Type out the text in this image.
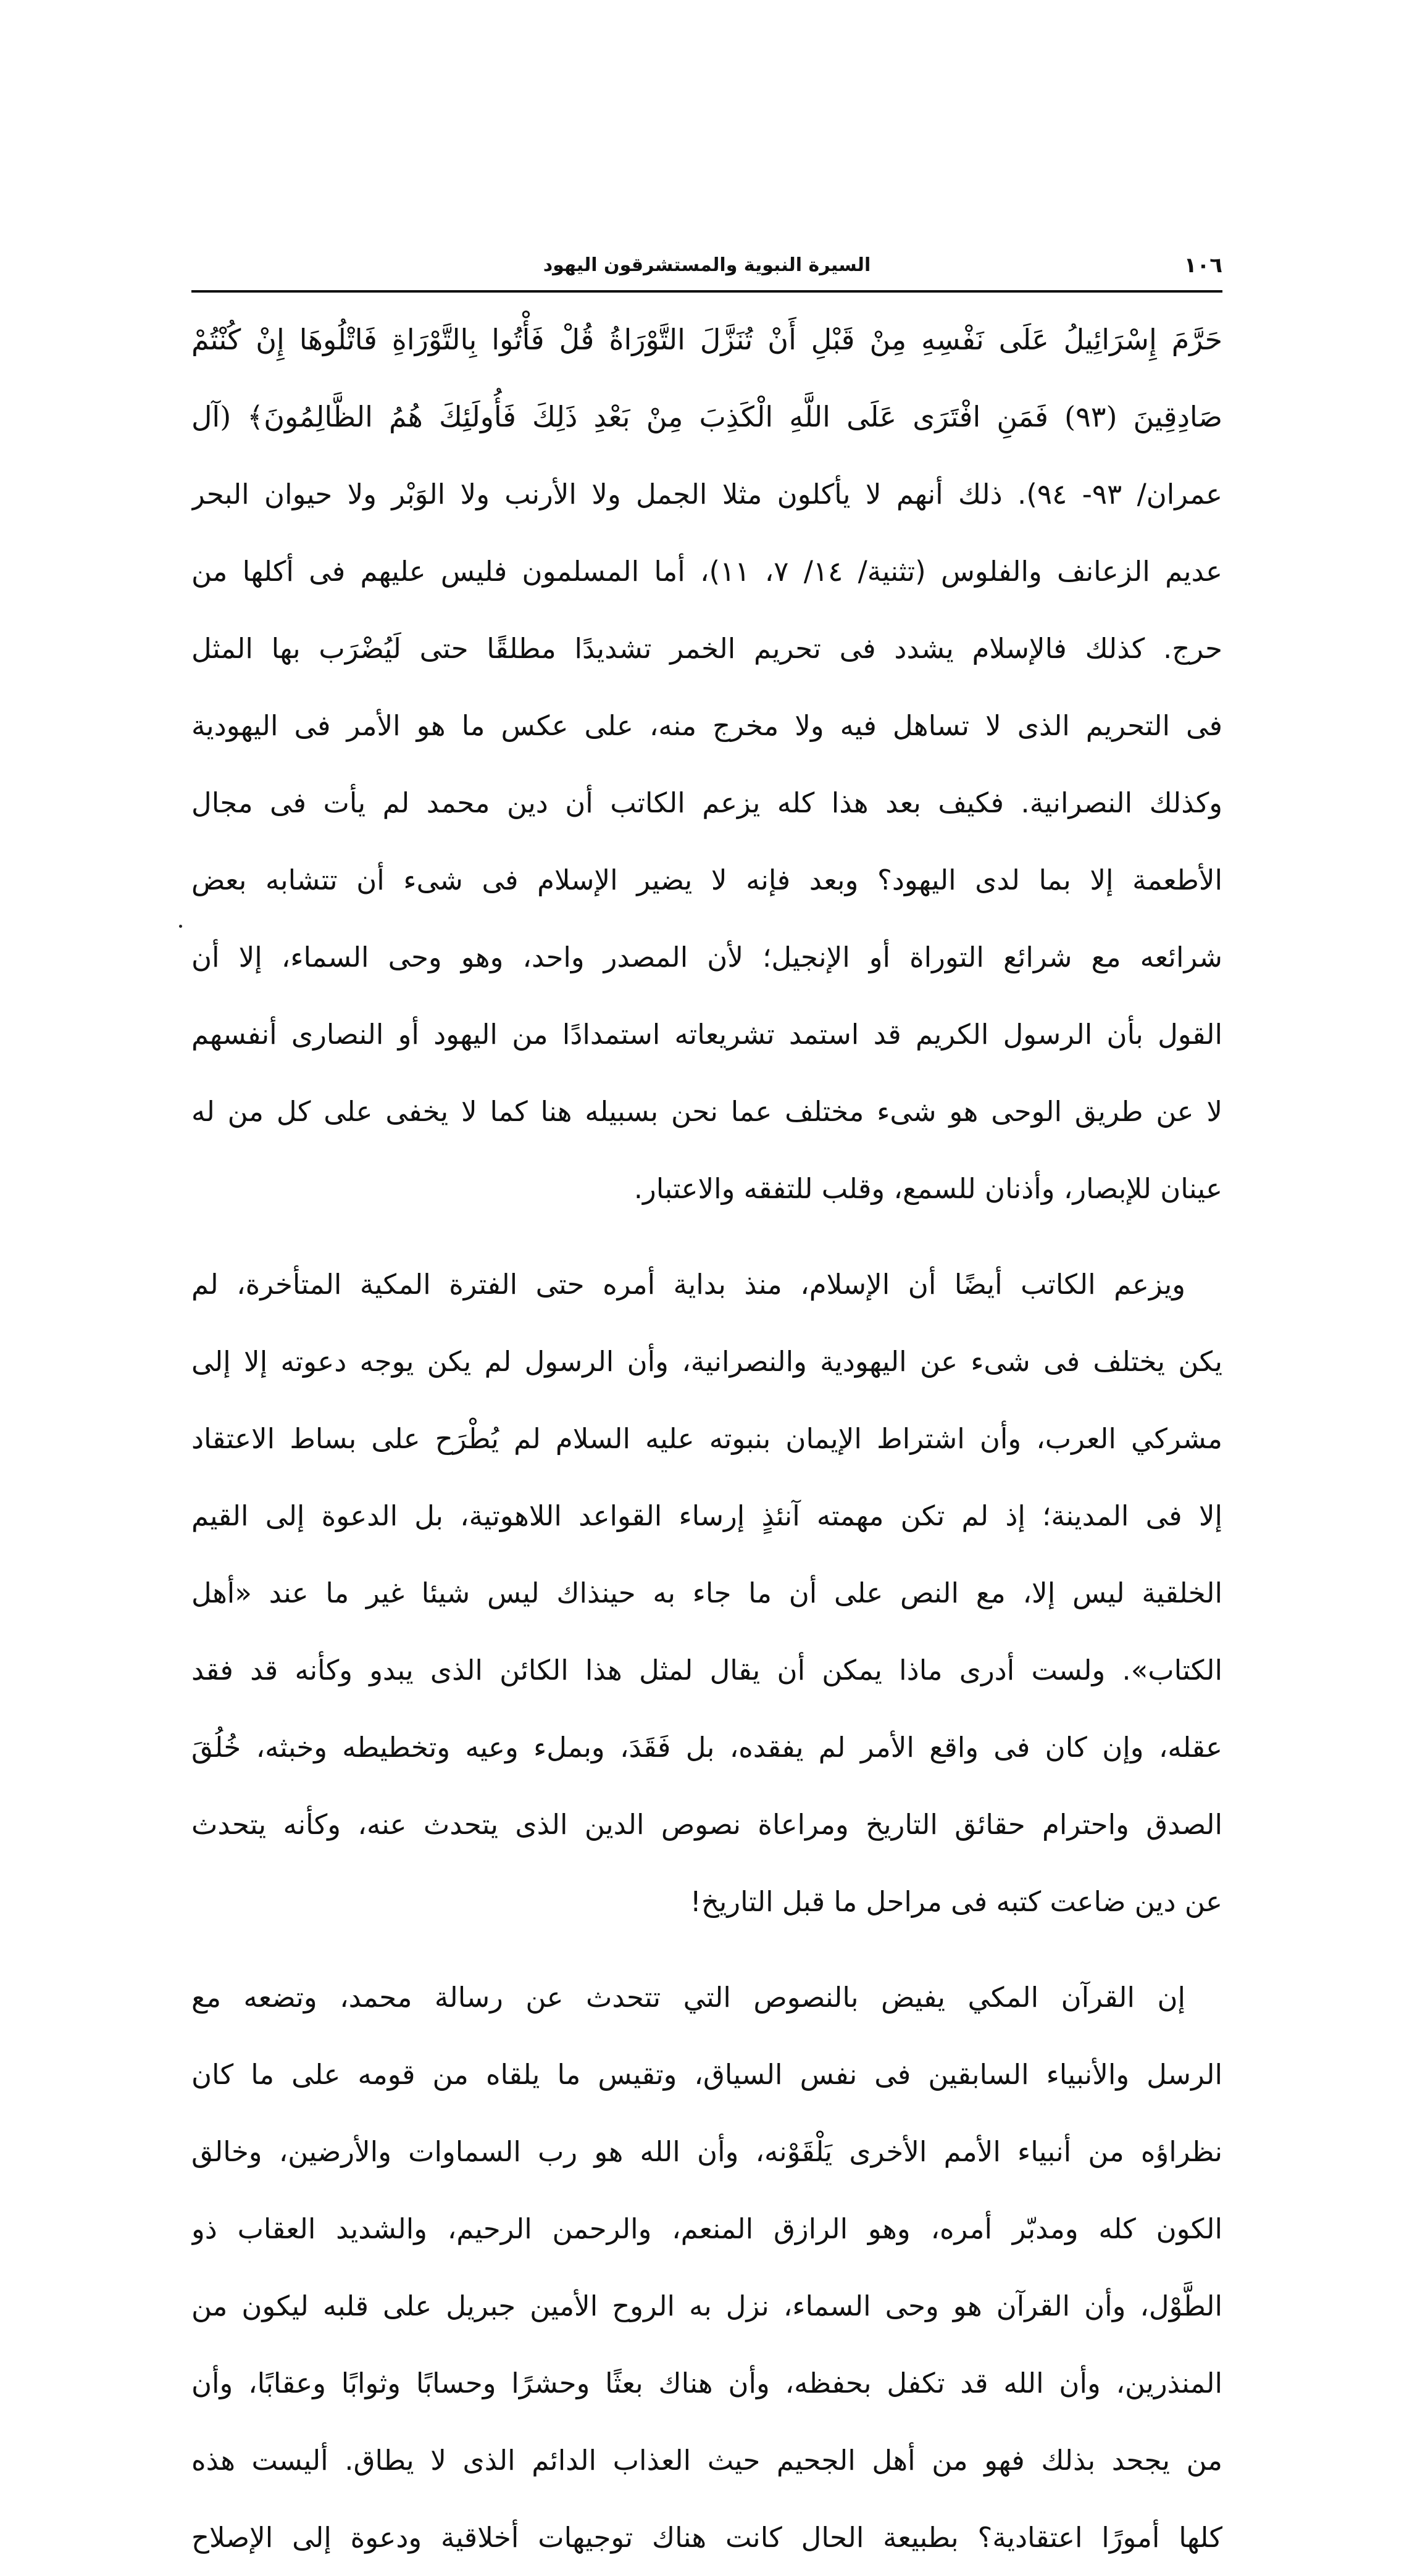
١٠٦
السيرة النبوية والمستشرقون اليهود
حَرَّمَ إِسْرَائِيلُ عَلَى نَفْسِهِ مِنْ قَبْلِ أَنْ تُنَزَّلَ التَّوْرَاةُ قُلْ فَأْتُوا بِالتَّوْرَاةِ فَاتْلُوهَا إِنْ كُنْتُمْ
صَادِقِينَ (٩٣) فَمَنِ افْتَرَى عَلَى اللَّهِ الْكَذِبَ مِنْ بَعْدِ ذَلِكَ فَأُولَئِكَ هُمُ الظَّالِمُونَ﴾ (آل
عمران/ ٩٣- ٩٤). ذلك أنهم لا يأكلون مثلا الجمل ولا الأرنب ولا الوَبْر ولا حيوان البحر
عديم الزعانف والفلوس (تثنية/ ١٤/ ٧، ١١)، أما المسلمون فليس عليهم فى أكلها من
حرج. كذلك فالإسلام يشدد فى تحريم الخمر تشديدًا مطلقًا حتى لَيُضْرَب بها المثل
فى التحريم الذى لا تساهل فيه ولا مخرج منه، على عكس ما هو الأمر فى اليهودية
وكذلك النصرانية. فكيف بعد هذا كله يزعم الكاتب أن دين محمد لم يأت فى مجال
الأطعمة إلا بما لدى اليهود؟ وبعد فإنه لا يضير الإسلام فى شىء أن تتشابه بعض
شرائعه مع شرائع التوراة أو الإنجيل؛ لأن المصدر واحد، وهو وحى السماء، إلا أن
القول بأن الرسول الكريم قد استمد تشريعاته استمدادًا من اليهود أو النصارى أنفسهم
لا عن طريق الوحى هو شىء مختلف عما نحن بسبيله هنا كما لا يخفى على كل من له
عينان للإبصار، وأذنان للسمع، وقلب للتفقه والاعتبار.
ويزعم الكاتب أيضًا أن الإسلام، منذ بداية أمره حتى الفترة المكية المتأخرة، لم
يكن يختلف فى شىء عن اليهودية والنصرانية، وأن الرسول لم يكن يوجه دعوته إلا إلى
مشركي العرب، وأن اشتراط الإيمان بنبوته عليه السلام لم يُطْرَح على بساط الاعتقاد
إلا فى المدينة؛ إذ لم تكن مهمته آنئذٍ إرساء القواعد اللاهوتية، بل الدعوة إلى القيم
الخلقية ليس إلا، مع النص على أن ما جاء به حينذاك ليس شيئا غير ما عند «أهل
الكتاب». ولست أدرى ماذا يمكن أن يقال لمثل هذا الكائن الذى يبدو وكأنه قد فقد
عقله، وإن كان فى واقع الأمر لم يفقده، بل فَقَدَ، وبملء وعيه وتخطيطه وخبثه، خُلُقَ
الصدق واحترام حقائق التاريخ ومراعاة نصوص الدين الذى يتحدث عنه، وكأنه يتحدث
عن دين ضاعت كتبه فى مراحل ما قبل التاريخ!
إن القرآن المكي يفيض بالنصوص التي تتحدث عن رسالة محمد، وتضعه مع
الرسل والأنبياء السابقين فى نفس السياق، وتقيس ما يلقاه من قومه على ما كان
نظراؤه من أنبياء الأمم الأخرى يَلْقَوْنه، وأن الله هو رب السماوات والأرضين، وخالق
الكون كله ومدبّر أمره، وهو الرازق المنعم، والرحمن الرحيم، والشديد العقاب ذو
الطَّوْل، وأن القرآن هو وحى السماء، نزل به الروح الأمين جبريل على قلبه ليكون من
المنذرين، وأن الله قد تكفل بحفظه، وأن هناك بعثًا وحشرًا وحسابًا وثوابًا وعقابًا، وأن
من يجحد بذلك فهو من أهل الجحيم حيث العذاب الدائم الذى لا يطاق. أليست هذه
كلها أمورًا اعتقادية؟ بطبيعة الحال كانت هناك توجيهات أخلاقية ودعوة إلى الإصلاح
